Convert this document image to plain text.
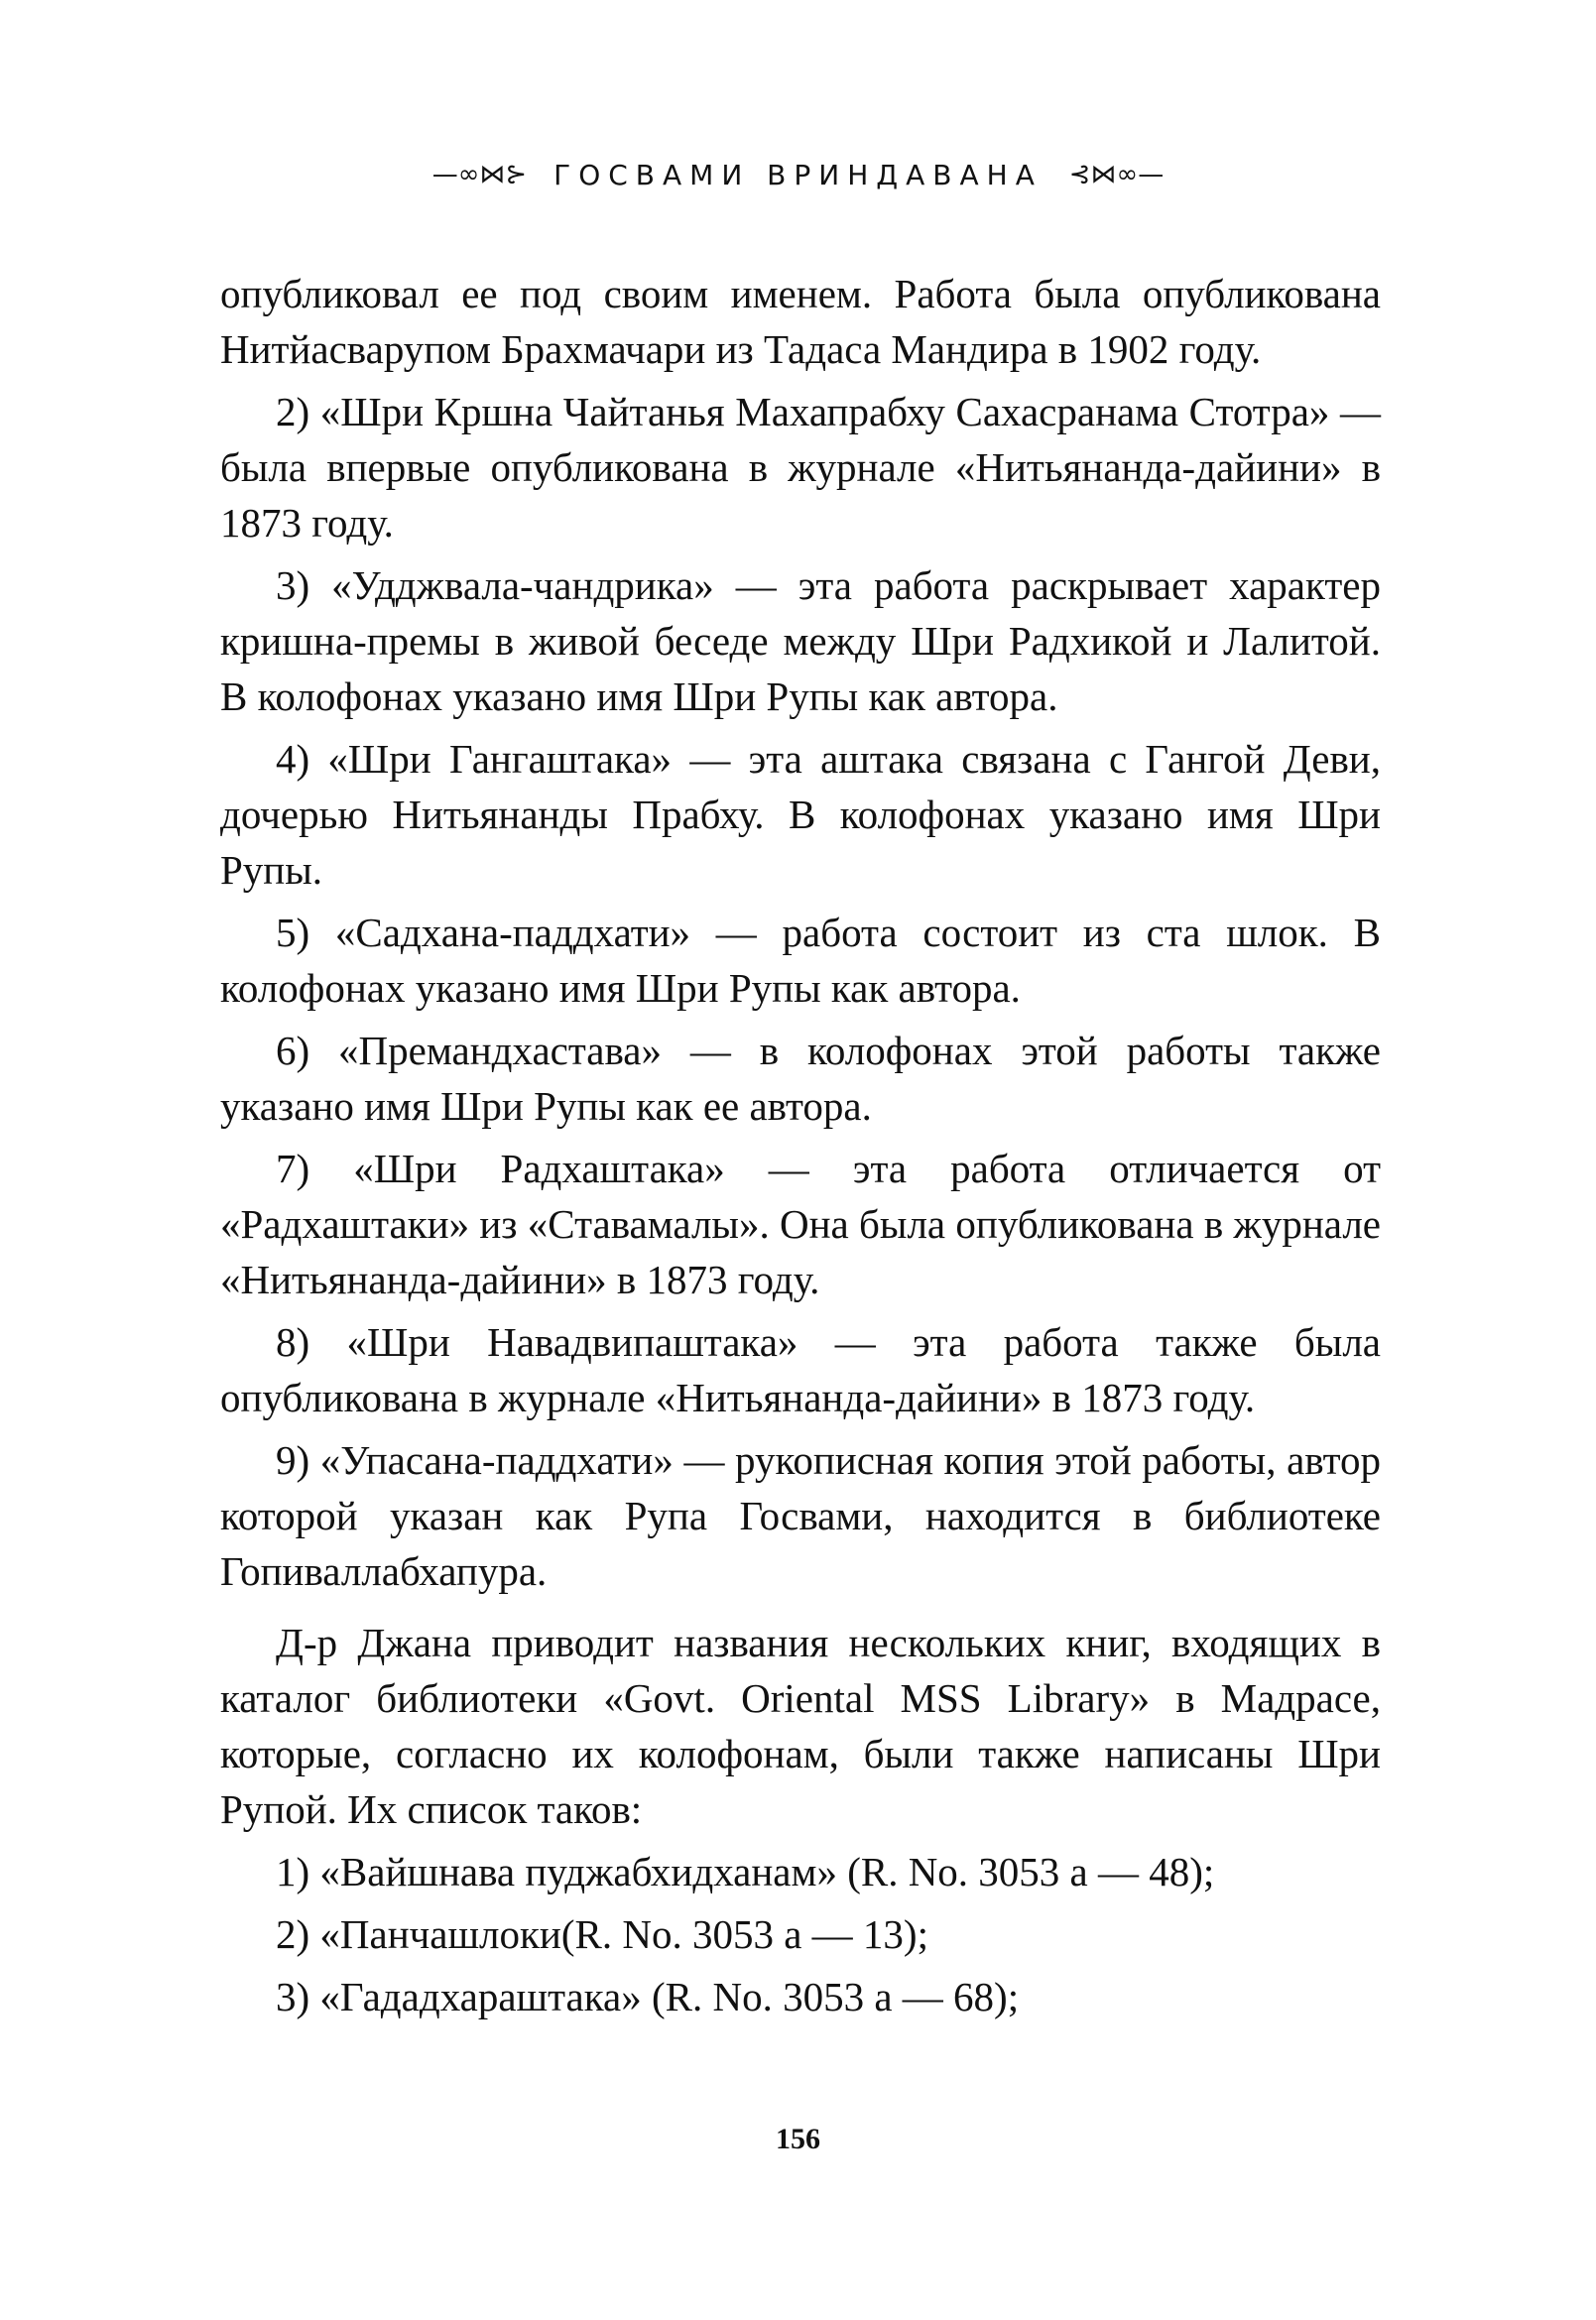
—∞⋈⊱ ГОСВАМИ ВРИНДАВАНА ⊰⋈∞—

опубликовал ее под своим именем. Работа была опубликована Нитйасварупом Брахмачари из Тадаса Мандира в 1902 году.

2) «Шри Кршна Чайтанья Махапрабху Сахасранама Стотра» — была впервые опубликована в журнале «Нитьянанда-дайини» в 1873 году.

3) «Удджвала-чандрика» — эта работа раскрывает характер кришна-премы в живой беседе между Шри Радхикой и Лалитой. В колофонах указано имя Шри Рупы как автора.

4) «Шри Гангаштака» — эта аштака связана с Гангой Деви, дочерью Нитьянанды Прабху. В колофонах указано имя Шри Рупы.

5) «Садхана-паддхати» — работа состоит из ста шлок. В колофонах указано имя Шри Рупы как автора.

6) «Премандхастава» — в колофонах этой работы также указано имя Шри Рупы как ее автора.

7) «Шри Радхаштака» — эта работа отличается от «Радхаштаки» из «Ставамалы». Она была опубликована в журнале «Нитьянанда-дайини» в 1873 году.

8) «Шри Навадвипаштака» — эта работа также была опубликована в журнале «Нитьянанда-дайини» в 1873 году.

9) «Упасана-паддхати» — рукописная копия этой работы, автор которой указан как Рупа Госвами, находится в библиотеке Гопиваллабхапура.

Д-р Джана приводит названия нескольких книг, входящих в каталог библиотеки «Govt. Oriental MSS Library» в Мадрасе, которые, согласно их колофонам, были также написаны Шри Рупой. Их список таков:

1) «Вайшнава пуджабхидханам» (R. No. 3053 a — 48);

2) «Панчашлоки(R. No. 3053 a — 13);

3) «Гададхараштака» (R. No. 3053 a — 68);

156
